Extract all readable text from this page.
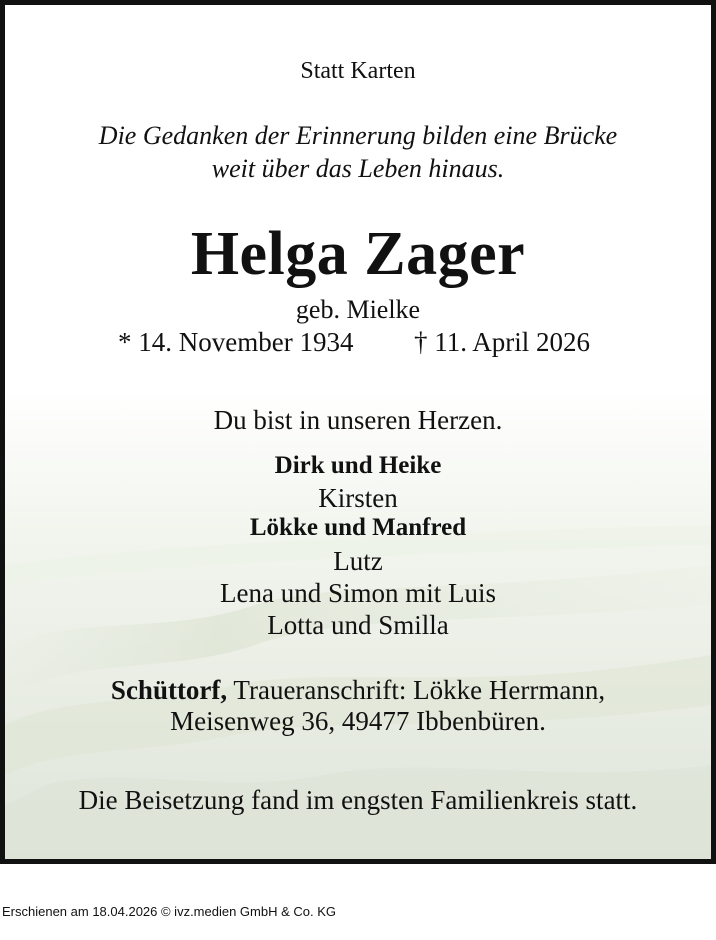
Statt Karten
Die Gedanken der Erinnerung bilden eine Brücke
weit über das Leben hinaus.
Helga Zager
geb. Mielke
* 14. November 1934 † 11. April 2026
Du bist in unseren Herzen.
Dirk und Heike
Kirsten
Lökke und Manfred
Lutz
Lena und Simon mit Luis
Lotta und Smilla
Schüttorf, Traueranschrift: Lökke Herrmann,
Meisenweg 36, 49477 Ibbenbüren.
Die Beisetzung fand im engsten Familienkreis statt.
Erschienen am 18.04.2026 © ivz.medien GmbH & Co. KG
